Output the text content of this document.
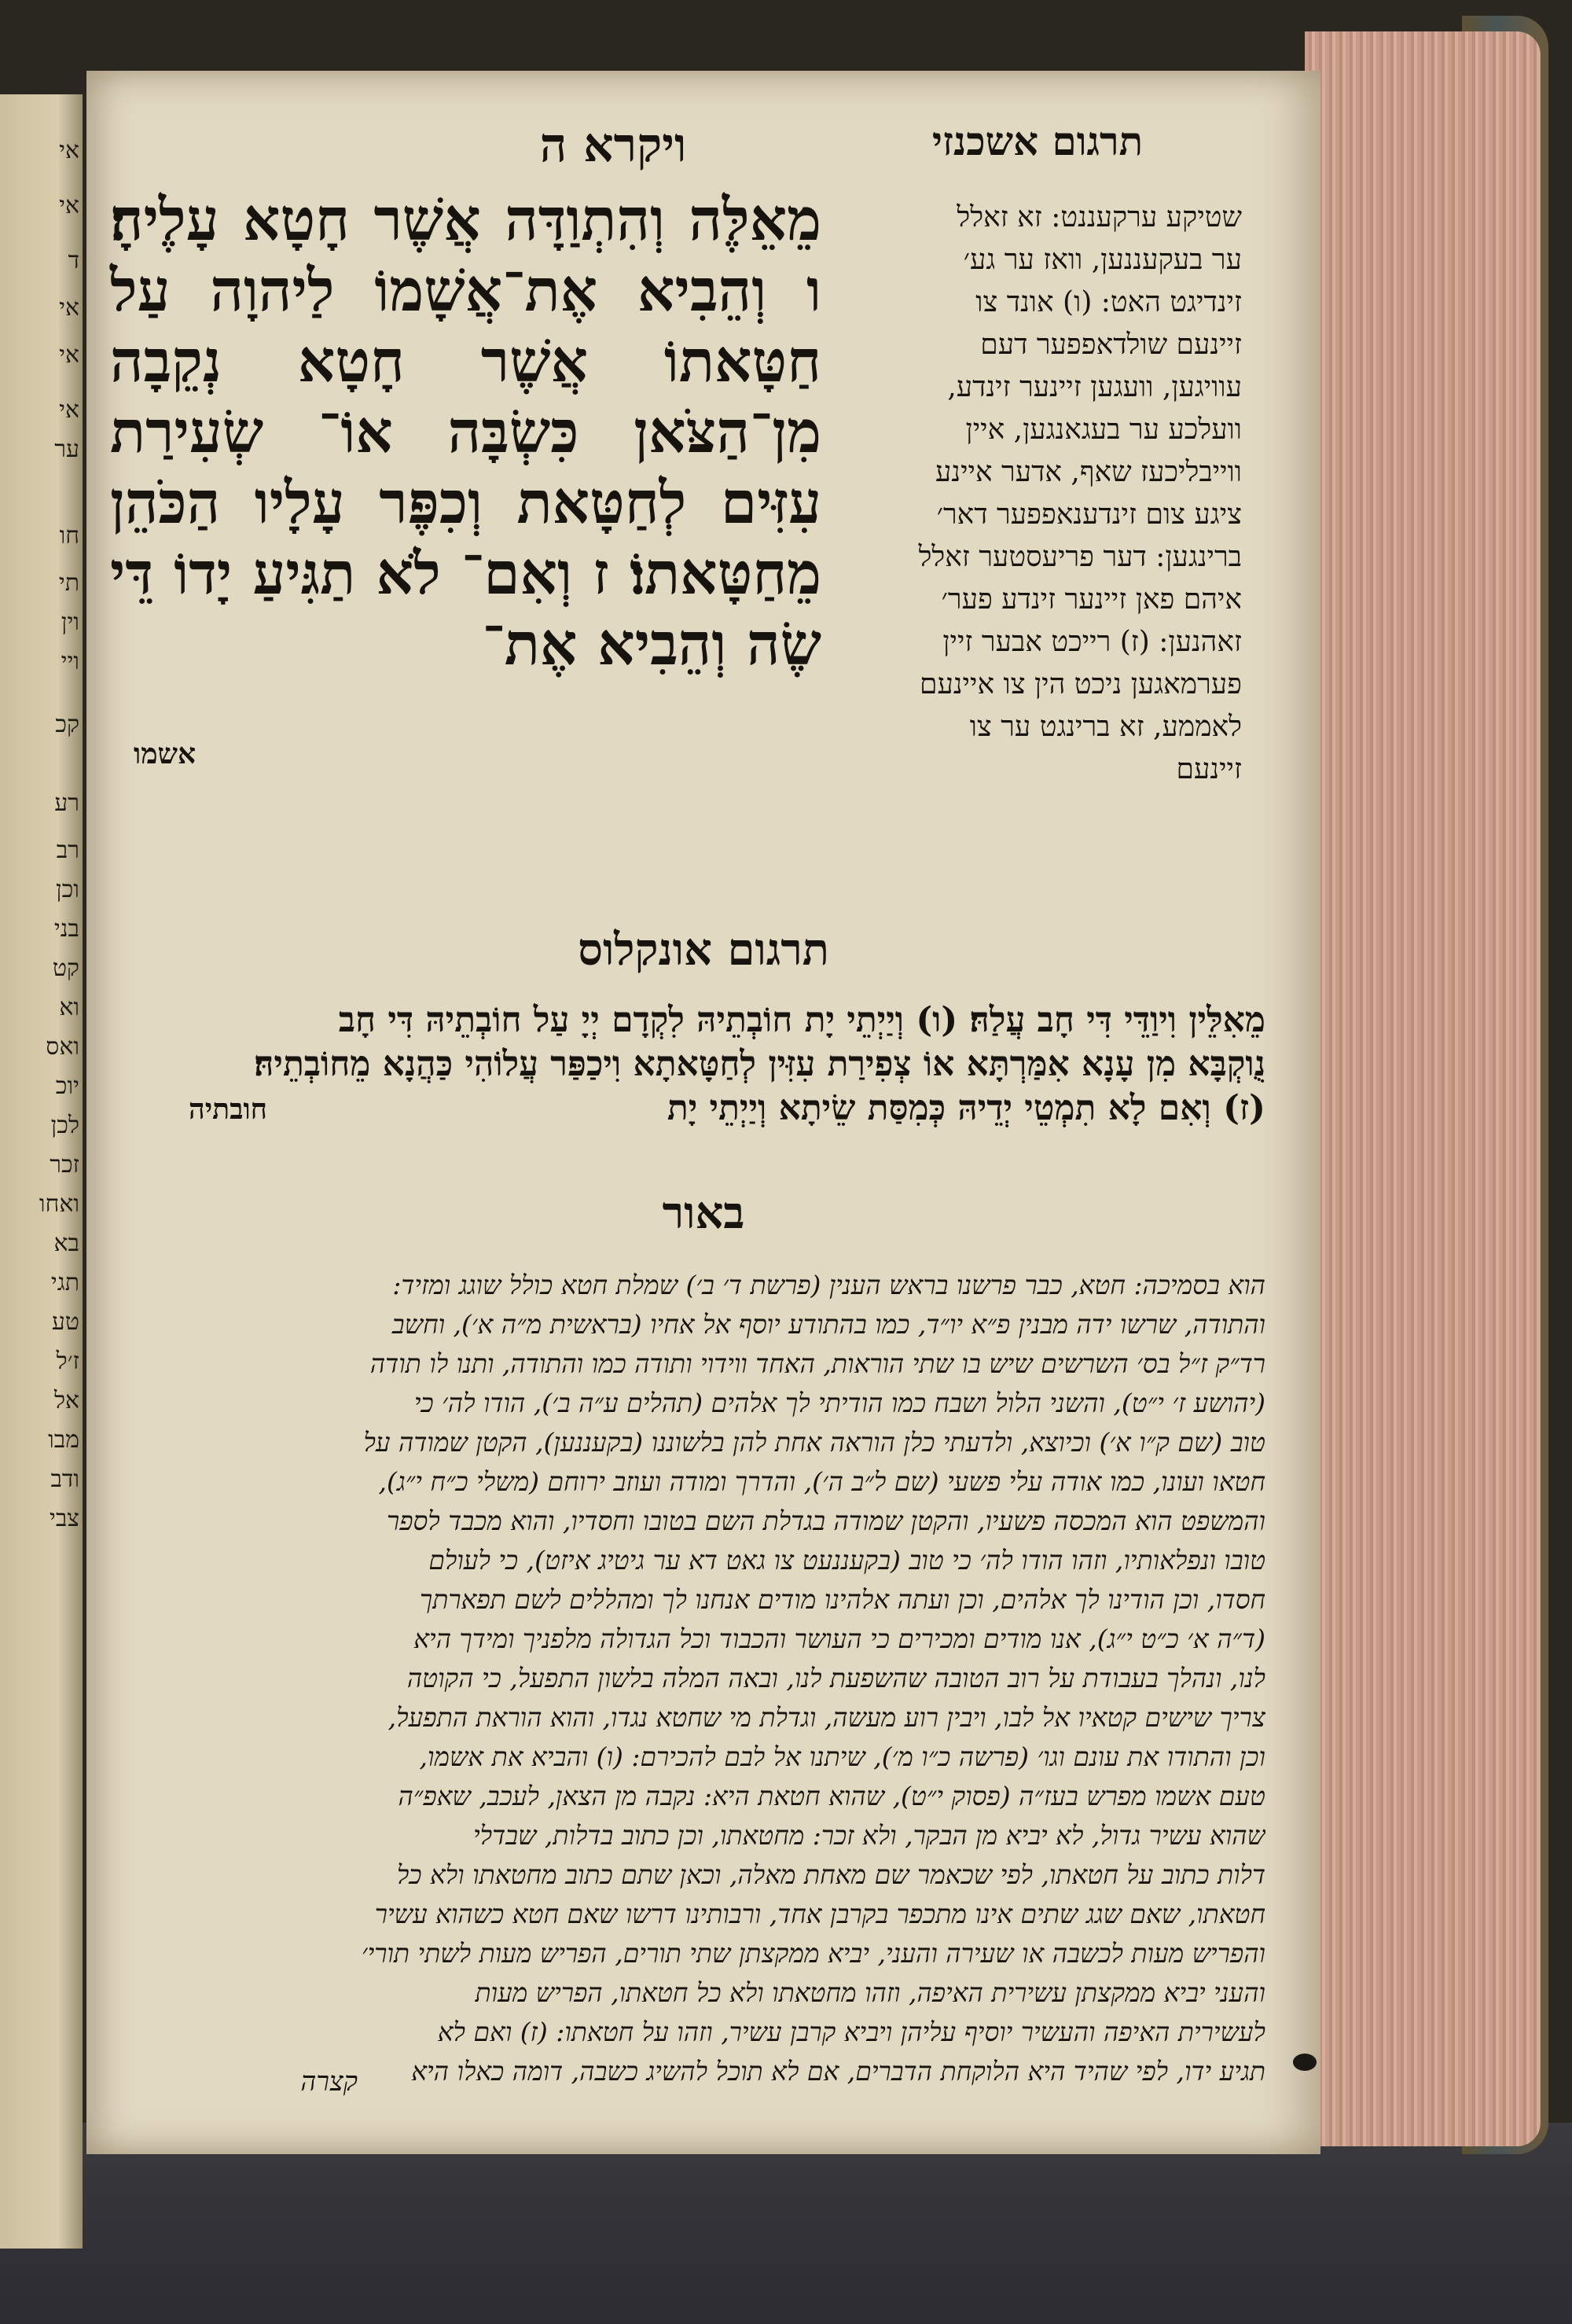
אי
אי
ד
אי
אי
אי
ער
חו
תי
וין
ויי
קכ
רע
רב
וכן
בני
קט
וא
ואס
יוכ
לכן
זכר
ואחו
בא
תגי
טע
ז׳ל
אל
מבו
ודב
צבי
תרגום אשכנזי
ויקרא ה
מֵאֵלֶּה וְהִתְוַדָּה אֲשֶׁר חָטָא עָלֶיהָ׃ ו וְהֵבִיא אֶת־אֲשָׁמוֹ לַיהוָה עַל חַטָּאתוֹ אֲשֶׁר חָטָא נְקֵבָה מִן־הַצֹּאן כִּשְׂבָּה אוֹ־ שְׂעִירַת עִזִּים לְחַטָּאת וְכִפֶּר עָלָיו הַכֹּהֵן מֵחַטָּאתוֹ׃ ז וְאִם־ לֹא תַגִּיעַ יָדוֹ דֵּי שֶׂה וְהֵבִיא אֶת־
אשמו
שטיקע ערקעננט: זא זאלל
ער בעקעננען, וואז ער גע׳
זינדיגט האט: (ו) אונד צו
זיינעם שולדאפפער דעם
עוויגען, וועגען זיינער זינדע,
וועלכע ער בעגאנגען, איין
ווייבליכעז שאף, אדער איינע
ציגע צום זינדענאפפער דאר׳
ברינגען: דער פריעסטער זאלל
איהם פאן זיינער זינדע פער׳
זאהנען: (ז) רייכט אבער זיין
פערמאגען ניכט הין צו איינעם
לאממע, זא ברינגט ער צו
זיינעם
תרגום אונקלוס
מֵאִלֵּין וִיוַדֵּי דִּי חָב עֲלַהּ׃ (ו) וְיַיְתֵי יָת חוֹבְתֵיהּ לִקְדָם יְיָ עַל חוֹבְתֵיהּ דִּי חָב
נֻוקְבָּא מִן עָנָא אִמַּרְתָּא אוֹ צְפִירַת עִזִּין לְחַטָּאתָא וִיכַפַּר עֲלוֹהִי כַּהֲנָא מֵחוֹבְתֵיהּ׃
(ז) וְאִם לָא תִמְטֵי יְדֵיהּ כְּמִסַּת שֵׂיתָא וְיַיְתֵי יָת
חובתיה
באור
הוא בסמיכה: חטא, כבר פרשנו בראש הענין (פרשת ד׳ ב׳) שמלת חטא כולל שוגג ומזיד:
והתודה, שרשו ידה מבנין פ״א יו״ד, כמו בהתודע יוסף אל אחיו (בראשית מ״ה א׳), וחשב
רד״ק ז״ל בס׳ השרשים שיש בו שתי הוראות, האחד ווידוי ותודה כמו והתודה, ותנו לו תודה
(יהושע ז׳ י״ט), והשני הלול ושבח כמו הודיתי לך אלהים (תהלים ע״ה ב׳), הודו לה׳ כי
טוב (שם ק״ו א׳) וכיוצא, ולדעתי כלן הוראה אחת להן בלשוננו (בקעננען), הקטן שמודה על
חטאו ועונו, כמו אודה עלי פשעי (שם ל״ב ה׳), והדרך ומודה ועוזב ירוחם (משלי כ״ח י״ג),
והמשפט הוא המכסה פשעיו, והקטן שמודה בגדלת השם בטובו וחסדיו, והוא מכבד לספר
טובו ונפלאותיו, וזהו הודו לה׳ כי טוב (בקעננעט צו גאט דא ער גיטיג איזט), כי לעולם
חסדו, וכן הודינו לך אלהים, וכן ועתה אלהינו מודים אנחנו לך ומהללים לשם תפארתך
(ד״ה א׳ כ״ט י״ג), אנו מודים ומכירים כי העושר והכבוד וכל הגדולה מלפניך ומידך היא
לנו, ונהלך בעבודת על רוב הטובה שהשפעת לנו, ובאה המלה בלשון התפעל, כי הקוטה
צריך שישים קטאיו אל לבו, ויבין רוע מעשה, וגדלת מי שחטא נגדו, והוא הוראת התפעל,
וכן והתודו את עונם וגו׳ (פרשה כ״ו מ׳), שיתנו אל לבם להכירם: (ו) והביא את אשמו,
טעם אשמו מפרש בעז״ה (פסוק י״ט), שהוא חטאת היא: נקבה מן הצאן, לעכב, שאפ״ה
שהוא עשיר גדול, לא יביא מן הבקר, ולא זכר: מחטאתו, וכן כתוב בדלות, שבדלי
דלות כתוב על חטאתו, לפי שכאמר שם מאחת מאלה, וכאן שתם כתוב מחטאתו ולא כל
חטאתו, שאם שגג שתים אינו מתכפר בקרבן אחד, ורבותינו דרשו שאם חטא כשהוא עשיר
והפריש מעות לכשבה או שעירה והעני, יביא ממקצתן שתי תורים, הפריש מעות לשתי תורי׳
והעני יביא ממקצתן עשירית האיפה, וזהו מחטאתו ולא כל חטאתו, הפריש מעות
לעשירית האיפה והעשיר יוסיף עליהן ויביא קרבן עשיר, וזהו על חטאתו: (ז) ואם לא
תגיע ידו, לפי שהיד היא הלוקחת הדברים, אם לא תוכל להשיג כשבה, דומה כאלו היא
קצרה
